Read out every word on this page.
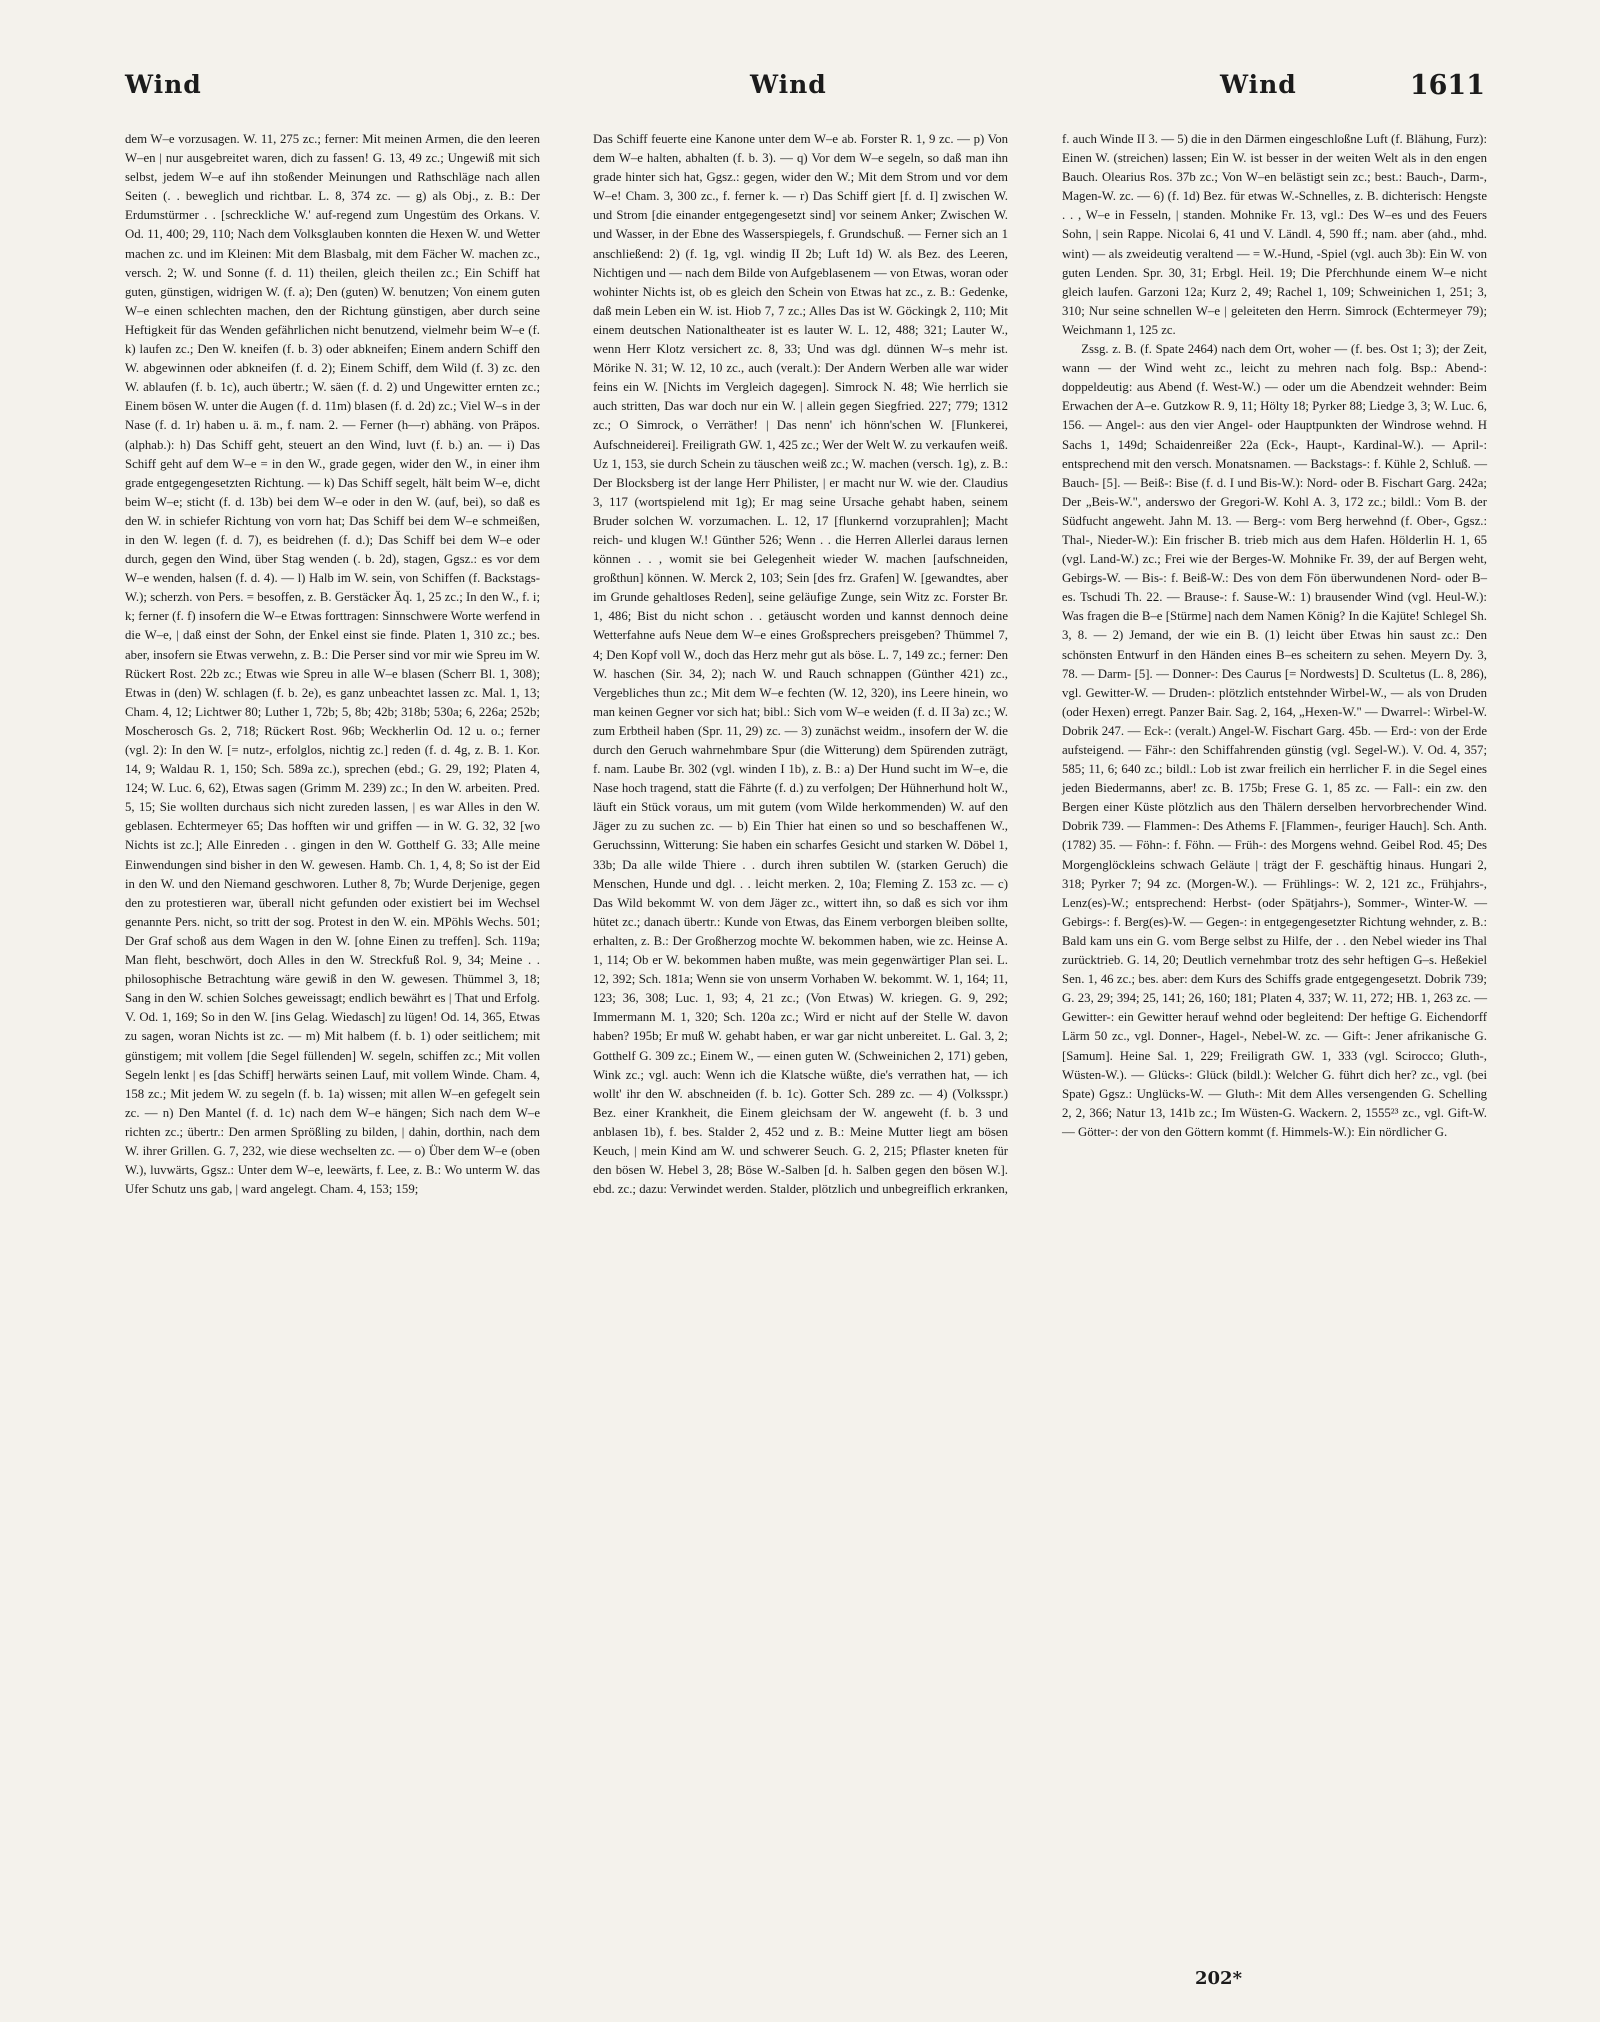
Wind	Wind	Wind	1611

dem W–e vorzusagen. W. 11, 275 zc.; ferner: Mit meinen Armen, die den leeren W–en | nur ausgebreitet waren, dich zu fassen! G. 13, 49 zc.; Ungewiß mit sich selbst, jedem W–e auf ihn stoßender Meinungen und Rathschläge nach allen Seiten (. . beweglich und richtbar. L. 8, 374 zc. — g) als Obj., z. B.: Der Erdumstürmer . . [schreckliche W.' auf-regend zum Ungestüm des Orkans. V. Od. 11, 400; 29, 110; Nach dem Volksglauben konnten die Hexen W. und Wetter machen zc. und im Kleinen: Mit dem Blasbalg, mit dem Fächer W. machen zc., versch. 2; W. und Sonne (f. d. 11) theilen, gleich theilen zc.; Ein Schiff hat guten, günstigen, widrigen W. (f. a); Den (guten) W. benutzen; Von einem guten W–e einen schlechten machen, den der Richtung günstigen, aber durch seine Heftigkeit für das Wenden gefährlichen nicht benutzend, vielmehr beim W–e (f. k) laufen zc.; Den W. kneifen (f. b. 3) oder abkneifen; Einem andern Schiff den W. abgewinnen oder abkneifen (f. d. 2); Einem Schiff, dem Wild (f. 3) zc. den W. ablaufen (f. b. 1c), auch übertr.; W. säen (f. d. 2) und Ungewitter ernten zc.; Einem bösen W. unter die Augen (f. d. 11m) blasen (f. d. 2d) zc.; Viel W–s in der Nase (f. d. 1r) haben u. ä. m., f. nam. 2. — Ferner (h—r) abhäng. von Präpos. (alphab.): h) Das Schiff geht, steuert an den Wind, luvt (f. b.) an. — i) Das Schiff geht auf dem W–e = in den W., grade gegen, wider den W., in einer ihm grade entgegengesetzten Richtung. — k) Das Schiff segelt, hält beim W–e, dicht beim W–e; sticht (f. d. 13b) bei dem W–e oder in den W. (auf, bei), so daß es den W. in schiefer Richtung von vorn hat; Das Schiff bei dem W–e schmeißen, in den W. legen (f. d. 7), es beidrehen (f. d.); Das Schiff bei dem W–e oder durch, gegen den Wind, über Stag wenden (. b. 2d), stagen, Ggsz.: es vor dem W–e wenden, halsen (f. d. 4). — l) Halb im W. sein, von Schiffen (f. Backstags-W.); scherzh. von Pers. = besoffen, z. B. Gerstäcker Äq. 1, 25 zc.; In den W., f. i; k; ferner (f. f) insofern die W–e Etwas forttragen: Sinnschwere Worte werfend in die W–e, | daß einst der Sohn, der Enkel einst sie finde. Platen 1, 310 zc.; bes. aber, insofern sie Etwas verwehn, z. B.: Die Perser sind vor mir wie Spreu im W. Rückert Rost. 22b zc.; Etwas wie Spreu in alle W–e blasen (Scherr Bl. 1, 308); Etwas in (den) W. schlagen (f. b. 2e), es ganz unbeachtet lassen zc. Mal. 1, 13; Cham. 4, 12; Lichtwer 80; Luther 1, 72b; 5, 8b; 42b; 318b; 530a; 6, 226a; 252b; Moscherosch Gs. 2, 718; Rückert Rost. 96b; Weckherlin Od. 12 u. o.; ferner (vgl. 2): In den W. [= nutz-, erfolglos, nichtig zc.] reden (f. d. 4g, z. B. 1. Kor. 14, 9; Waldau R. 1, 150; Sch. 589a zc.), sprechen (ebd.; G. 29, 192; Platen 4, 124; W. Luc. 6, 62), Etwas sagen (Grimm M. 239) zc.; In den W. arbeiten. Pred. 5, 15; Sie wollten durchaus sich nicht zureden lassen, | es war Alles in den W. geblasen. Echtermeyer 65; Das hofften wir und griffen — in W. G. 32, 32 [wo Nichts ist zc.]; Alle Einreden . . gingen in den W. Gotthelf G. 33; Alle meine Einwendungen sind bisher in den W. gewesen. Hamb. Ch. 1, 4, 8; So ist der Eid in den W. und den Niemand geschworen. Luther 8, 7b; Wurde Derjenige, gegen den zu protestieren war, überall nicht gefunden oder existiert bei im Wechsel genannte Pers. nicht, so tritt der sog. Protest in den W. ein. MPöhls Wechs. 501; Der Graf schoß aus dem Wagen in den W. [ohne Einen zu treffen]. Sch. 119a; Man fleht, beschwört, doch Alles in den W. Streckfuß Rol. 9, 34; Meine . . philosophische Betrachtung wäre gewiß in den W. gewesen. Thümmel 3, 18; Sang in den W. schien Solches geweissagt; endlich bewährt es | That und Erfolg. V. Od. 1, 169; So in den W. [ins Gelag. Wiedasch] zu lügen! Od. 14, 365, Etwas zu sagen, woran Nichts ist zc. — m) Mit halbem (f. b. 1) oder seitlichem; mit günstigem; mit vollem [die Segel füllenden] W. segeln, schiffen zc.; Mit vollen Segeln lenkt | es [das Schiff] herwärts seinen Lauf, mit vollem Winde. Cham. 4, 158 zc.; Mit jedem W. zu segeln (f. b. 1a) wissen; mit allen W–en gefegelt sein zc. — n) Den Mantel (f. d. 1c) nach dem W–e hängen; Sich nach dem W–e richten zc.; übertr.: Den armen Sprößling zu bilden, | dahin, dorthin, nach dem W. ihrer Grillen. G. 7, 232, wie diese wechselten zc. — o) Über dem W–e (oben W.), luvwärts, Ggsz.: Unter dem W–e, leewärts, f. Lee, z. B.: Wo unterm W. das Ufer Schutz uns gab, | ward angelegt. Cham. 4, 153; 159;

Das Schiff feuerte eine Kanone unter dem W–e ab. Forster R. 1, 9 zc. — p) Von dem W–e halten, abhalten (f. b. 3). — q) Vor dem W–e segeln, so daß man ihn grade hinter sich hat, Ggsz.: gegen, wider den W.; Mit dem Strom und vor dem W–e! Cham. 3, 300 zc., f. ferner k. — r) Das Schiff giert [f. d. I] zwischen W. und Strom [die einander entgegengesetzt sind] vor seinem Anker; Zwischen W. und Wasser, in der Ebne des Wasserspiegels, f. Grundschuß. — Ferner sich an 1 anschließend: 2) (f. 1g, vgl. windig II 2b; Luft 1d) W. als Bez. des Leeren, Nichtigen und — nach dem Bilde von Aufgeblasenem — von Etwas, woran oder wohinter Nichts ist, ob es gleich den Schein von Etwas hat zc., z. B.: Gedenke, daß mein Leben ein W. ist. Hiob 7, 7 zc.; Alles Das ist W. Göckingk 2, 110; Mit einem deutschen Nationaltheater ist es lauter W. L. 12, 488; 321; Lauter W., wenn Herr Klotz versichert zc. 8, 33; Und was dgl. dünnen W–s mehr ist. Mörike N. 31; W. 12, 10 zc., auch (veralt.): Der Andern Werben alle war wider feins ein W. [Nichts im Vergleich dagegen]. Simrock N. 48; Wie herrlich sie auch stritten, Das war doch nur ein W. | allein gegen Siegfried. 227; 779; 1312 zc.; O Simrock, o Verräther! | Das nenn' ich hönn'schen W. [Flunkerei, Aufschneiderei]. Freiligrath GW. 1, 425 zc.; Wer der Welt W. zu verkaufen weiß. Uz 1, 153, sie durch Schein zu täuschen weiß zc.; W. machen (versch. 1g), z. B.: Der Blocksberg ist der lange Herr Philister, | er macht nur W. wie der. Claudius 3, 117 (wortspielend mit 1g); Er mag seine Ursache gehabt haben, seinem Bruder solchen W. vorzumachen. L. 12, 17 [flunkernd vorzuprahlen]; Macht reich- und klugen W.! Günther 526; Wenn . . die Herren Allerlei daraus lernen können . . , womit sie bei Gelegenheit wieder W. machen [aufschneiden, großthun] können. W. Merck 2, 103; Sein [des frz. Grafen] W. [gewandtes, aber im Grunde gehaltloses Reden], seine geläufige Zunge, sein Witz zc. Forster Br. 1, 486; Bist du nicht schon . . getäuscht worden und kannst dennoch deine Wetterfahne aufs Neue dem W–e eines Großsprechers preisgeben? Thümmel 7, 4; Den Kopf voll W., doch das Herz mehr gut als böse. L. 7, 149 zc.; ferner: Den W. haschen (Sir. 34, 2); nach W. und Rauch schnappen (Günther 421) zc., Vergebliches thun zc.; Mit dem W–e fechten (W. 12, 320), ins Leere hinein, wo man keinen Gegner vor sich hat; bibl.: Sich vom W–e weiden (f. d. II 3a) zc.; W. zum Erbtheil haben (Spr. 11, 29) zc. — 3) zunächst weidm., insofern der W. die durch den Geruch wahrnehmbare Spur (die Witterung) dem Spürenden zuträgt, f. nam. Laube Br. 302 (vgl. winden I 1b), z. B.: a) Der Hund sucht im W–e, die Nase hoch tragend, statt die Fährte (f. d.) zu verfolgen; Der Hühnerhund holt W., läuft ein Stück voraus, um mit gutem (vom Wilde herkommenden) W. auf den Jäger zu zu suchen zc. — b) Ein Thier hat einen so und so beschaffenen W., Geruchssinn, Witterung: Sie haben ein scharfes Gesicht und starken W. Döbel 1, 33b; Da alle wilde Thiere . . durch ihren subtilen W. (starken Geruch) die Menschen, Hunde und dgl. . . leicht merken. 2, 10a; Fleming Z. 153 zc. — c) Das Wild bekommt W. von dem Jäger zc., wittert ihn, so daß es sich vor ihm hütet zc.; danach übertr.: Kunde von Etwas, das Einem verborgen bleiben sollte, erhalten, z. B.: Der Großherzog mochte W. bekommen haben, wie zc. Heinse A. 1, 114; Ob er W. bekommen haben mußte, was mein gegenwärtiger Plan sei. L. 12, 392; Sch. 181a; Wenn sie von unserm Vorhaben W. bekommt. W. 1, 164; 11, 123; 36, 308; Luc. 1, 93; 4, 21 zc.; (Von Etwas) W. kriegen. G. 9, 292; Immermann M. 1, 320; Sch. 120a zc.; Wird er nicht auf der Stelle W. davon haben? 195b; Er muß W. gehabt haben, er war gar nicht unbereitet. L. Gal. 3, 2; Gotthelf G. 309 zc.; Einem W., — einen guten W. (Schweinichen 2, 171) geben, Wink zc.; vgl. auch: Wenn ich die Klatsche wüßte, die's verrathen hat, — ich wollt' ihr den W. abschneiden (f. b. 1c). Gotter Sch. 289 zc. — 4) (Volksspr.) Bez. einer Krankheit, die Einem gleichsam der W. angeweht (f. b. 3 und anblasen 1b), f. bes. Stalder 2, 452 und z. B.: Meine Mutter liegt am bösen Keuch, | mein Kind am W. und schwerer Seuch. G. 2, 215; Pflaster kneten für den bösen W. Hebel 3, 28; Böse W.-Salben [d. h. Salben gegen den bösen W.]. ebd. zc.; dazu: Verwindet werden. Stalder, plötzlich und unbegreiflich erkranken,

f. auch Winde II 3. — 5) die in den Därmen eingeschloßne Luft (f. Blähung, Furz): Einen W. (streichen) lassen; Ein W. ist besser in der weiten Welt als in den engen Bauch. Olearius Ros. 37b zc.; Von W–en belästigt sein zc.; best.: Bauch-, Darm-, Magen-W. zc. — 6) (f. 1d) Bez. für etwas W.-Schnelles, z. B. dichterisch: Hengste . . , W–e in Fesseln, | standen. Mohnike Fr. 13, vgl.: Des W–es und des Feuers Sohn, | sein Rappe. Nicolai 6, 41 und V. Ländl. 4, 590 ff.; nam. aber (ahd., mhd. wint) — als zweideutig veraltend — = W.-Hund, -Spiel (vgl. auch 3b): Ein W. von guten Lenden. Spr. 30, 31; Erbgl. Heil. 19; Die Pferchhunde einem W–e nicht gleich laufen. Garzoni 12a; Kurz 2, 49; Rachel 1, 109; Schweinichen 1, 251; 3, 310; Nur seine schnellen W–e | geleiteten den Herrn. Simrock (Echtermeyer 79); Weichmann 1, 125 zc.

Zssg. z. B. (f. Spate 2464) nach dem Ort, woher — (f. bes. Ost 1; 3); der Zeit, wann — der Wind weht zc., leicht zu mehren nach folg. Bsp.: Abend-: doppeldeutig: aus Abend (f. West-W.) — oder um die Abendzeit wehnder: Beim Erwachen der A–e. Gutzkow R. 9, 11; Hölty 18; Pyrker 88; Liedge 3, 3; W. Luc. 6, 156. — Angel-: aus den vier Angel- oder Hauptpunkten der Windrose wehnd. H Sachs 1, 149d; Schaidenreißer 22a (Eck-, Haupt-, Kardinal-W.). — April-: entsprechend mit den versch. Monatsnamen. — Backstags-: f. Kühle 2, Schluß. — Bauch- [5]. — Beiß-: Bise (f. d. I und Bis-W.): Nord- oder B. Fischart Garg. 242a; Der „Beis-W.", anderswo der Gregori-W. Kohl A. 3, 172 zc.; bildl.: Vom B. der Südfucht angeweht. Jahn M. 13. — Berg-: vom Berg herwehnd (f. Ober-, Ggsz.: Thal-, Nieder-W.): Ein frischer B. trieb mich aus dem Hafen. Hölderlin H. 1, 65 (vgl. Land-W.) zc.; Frei wie der Berges-W. Mohnike Fr. 39, der auf Bergen weht, Gebirgs-W. — Bis-: f. Beiß-W.: Des von dem Fön überwundenen Nord- oder B–es. Tschudi Th. 22. — Brause-: f. Sause-W.: 1) brausender Wind (vgl. Heul-W.): Was fragen die B–e [Stürme] nach dem Namen König? In die Kajüte! Schlegel Sh. 3, 8. — 2) Jemand, der wie ein B. (1) leicht über Etwas hin saust zc.: Den schönsten Entwurf in den Händen eines B–es scheitern zu sehen. Meyern Dy. 3, 78. — Darm- [5]. — Donner-: Des Caurus [= Nordwests] D. Scultetus (L. 8, 286), vgl. Gewitter-W. — Druden-: plötzlich entstehnder Wirbel-W., — als von Druden (oder Hexen) erregt. Panzer Bair. Sag. 2, 164, „Hexen-W." — Dwarrel-: Wirbel-W. Dobrik 247. — Eck-: (veralt.) Angel-W. Fischart Garg. 45b. — Erd-: von der Erde aufsteigend. — Fähr-: den Schiffahrenden günstig (vgl. Segel-W.). V. Od. 4, 357; 585; 11, 6; 640 zc.; bildl.: Lob ist zwar freilich ein herrlicher F. in die Segel eines jeden Biedermanns, aber! zc. B. 175b; Frese G. 1, 85 zc. — Fall-: ein zw. den Bergen einer Küste plötzlich aus den Thälern derselben hervorbrechender Wind. Dobrik 739. — Flammen-: Des Athems F. [Flammen-, feuriger Hauch]. Sch. Anth. (1782) 35. — Föhn-: f. Föhn. — Früh-: des Morgens wehnd. Geibel Rod. 45; Des Morgenglöckleins schwach Geläute | trägt der F. geschäftig hinaus. Hungari 2, 318; Pyrker 7; 94 zc. (Morgen-W.). — Frühlings-: W. 2, 121 zc., Frühjahrs-, Lenz(es)-W.; entsprechend: Herbst- (oder Spätjahrs-), Sommer-, Winter-W. — Gebirgs-: f. Berg(es)-W. — Gegen-: in entgegengesetzter Richtung wehnder, z. B.: Bald kam uns ein G. vom Berge selbst zu Hilfe, der . . den Nebel wieder ins Thal zurücktrieb. G. 14, 20; Deutlich vernehmbar trotz des sehr heftigen G–s. Heßekiel Sen. 1, 46 zc.; bes. aber: dem Kurs des Schiffs grade entgegengesetzt. Dobrik 739; G. 23, 29; 394; 25, 141; 26, 160; 181; Platen 4, 337; W. 11, 272; HB. 1, 263 zc. — Gewitter-: ein Gewitter herauf wehnd oder begleitend: Der heftige G. Eichendorff Lärm 50 zc., vgl. Donner-, Hagel-, Nebel-W. zc. — Gift-: Jener afrikanische G. [Samum]. Heine Sal. 1, 229; Freiligrath GW. 1, 333 (vgl. Scirocco; Gluth-, Wüsten-W.). — Glücks-: Glück (bildl.): Welcher G. führt dich her? zc., vgl. (bei Spate) Ggsz.: Unglücks-W. — Gluth-: Mit dem Alles versengenden G. Schelling 2, 2, 366; Natur 13, 141b zc.; Im Wüsten-G. Wackern. 2, 1555²³ zc., vgl. Gift-W. — Götter-: der von den Göttern kommt (f. Himmels-W.): Ein nördlicher G.

202*
